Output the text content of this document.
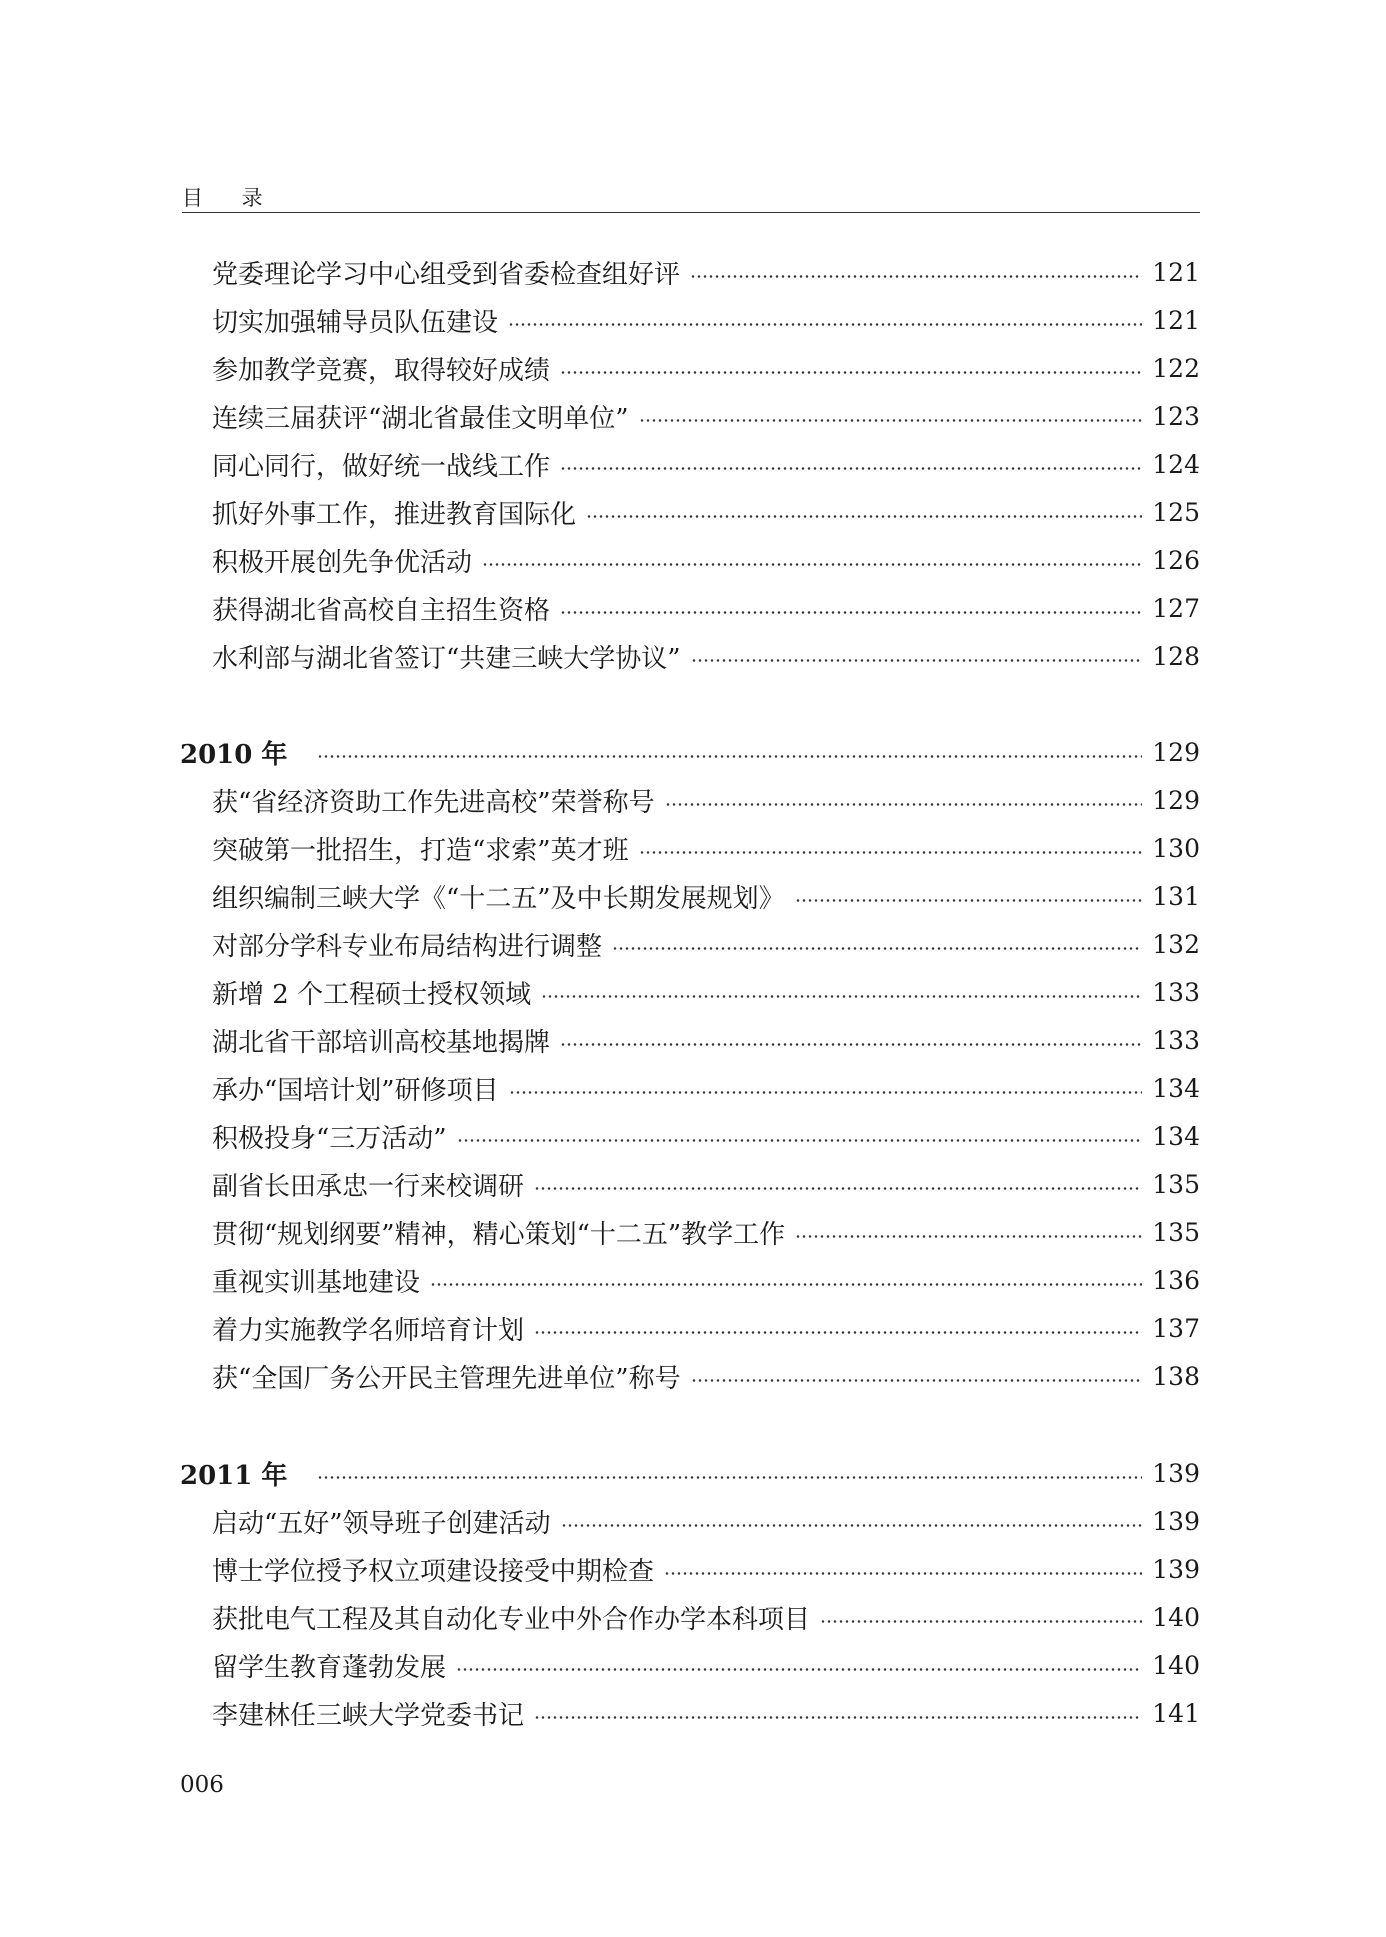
目 录
党委理论学习中心组受到省委检查组好评	121
切实加强辅导员队伍建设	121
参加教学竞赛，取得较好成绩	122
连续三届获评“湖北省最佳文明单位”	123
同心同行，做好统一战线工作	124
抓好外事工作，推进教育国际化	125
积极开展创先争优活动	126
获得湖北省高校自主招生资格	127
水利部与湖北省签订“共建三峡大学协议”	128
2010 年	129
获“省经济资助工作先进高校”荣誉称号	129
突破第一批招生，打造“求索”英才班	130
组织编制三峡大学《“十二五”及中长期发展规划》	131
对部分学科专业布局结构进行调整	132
新增 2 个工程硕士授权领域	133
湖北省干部培训高校基地揭牌	133
承办“国培计划”研修项目	134
积极投身“三万活动”	134
副省长田承忠一行来校调研	135
贯彻“规划纲要”精神，精心策划“十二五”教学工作	135
重视实训基地建设	136
着力实施教学名师培育计划	137
获“全国厂务公开民主管理先进单位”称号	138
2011 年	139
启动“五好”领导班子创建活动	139
博士学位授予权立项建设接受中期检查	139
获批电气工程及其自动化专业中外合作办学本科项目	140
留学生教育蓬勃发展	140
李建林任三峡大学党委书记	141
006
